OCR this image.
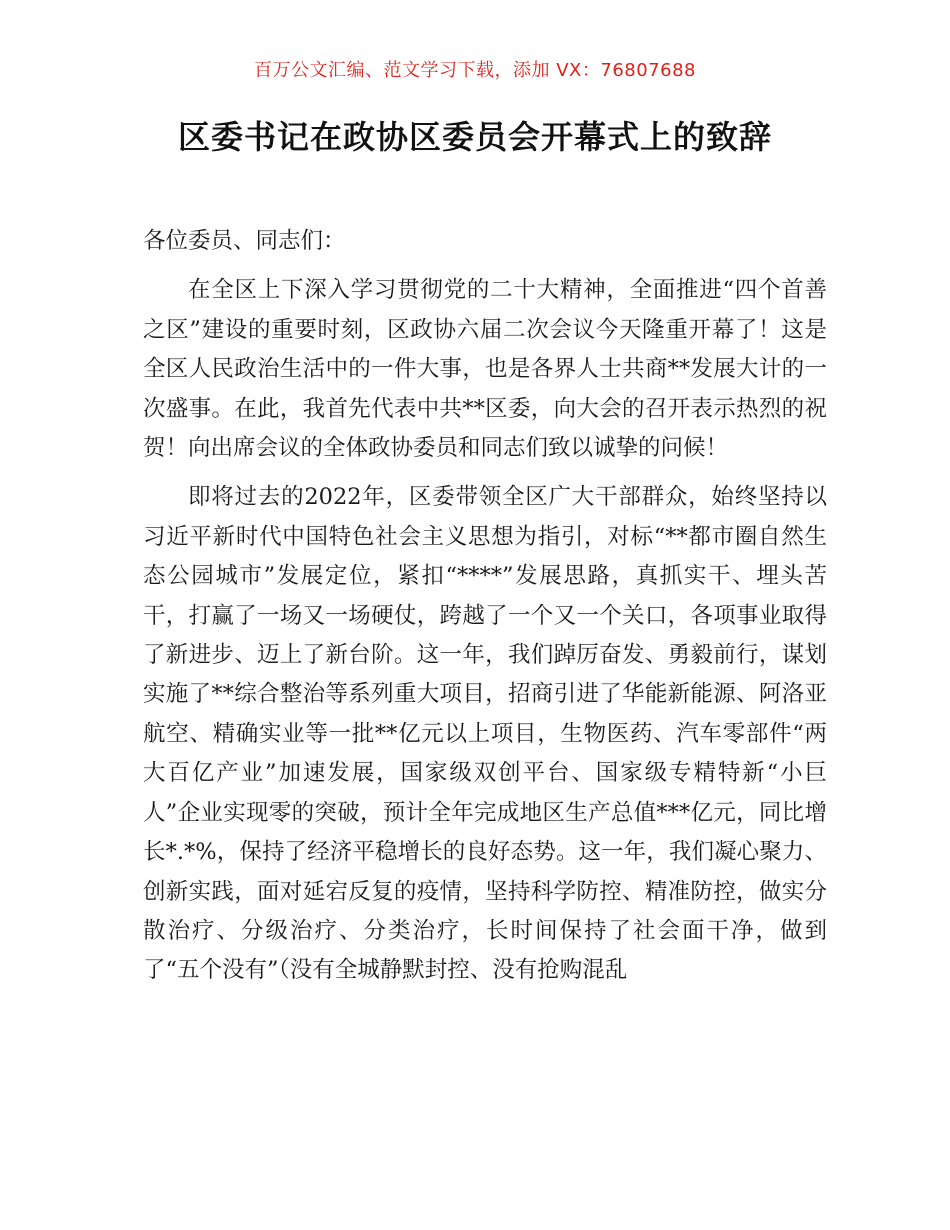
百万公文汇编、范文学习下载，添加 VX：76807688
区委书记在政协区委员会开幕式上的致辞

各位委员、同志们：

在全区上下深入学习贯彻党的二十大精神，全面推进“四个首善之区”建设的重要时刻，区政协六届二次会议今天隆重开幕了！这是全区人民政治生活中的一件大事，也是各界人士共商**发展大计的一次盛事。在此，我首先代表中共**区委，向大会的召开表示热烈的祝贺！向出席会议的全体政协委员和同志们致以诚挚的问候！

即将过去的2022年，区委带领全区广大干部群众，始终坚持以习近平新时代中国特色社会主义思想为指引，对标“**都市圈自然生态公园城市”发展定位，紧扣“****”发展思路，真抓实干、埋头苦干，打赢了一场又一场硬仗，跨越了一个又一个关口，各项事业取得了新进步、迈上了新台阶。这一年，我们踔厉奋发、勇毅前行，谋划实施了**综合整治等系列重大项目，招商引进了华能新能源、阿洛亚航空、精确实业等一批**亿元以上项目，生物医药、汽车零部件“两大百亿产业”加速发展，国家级双创平台、国家级专精特新“小巨人”企业实现零的突破，预计全年完成地区生产总值***亿元，同比增长*.*%，保持了经济平稳增长的良好态势。这一年，我们凝心聚力、创新实践，面对延宕反复的疫情，坚持科学防控、精准防控，做实分散治疗、分级治疗、分类治疗，长时间保持了社会面干净，做到了“五个没有”（没有全城静默封控、没有抢购混乱
